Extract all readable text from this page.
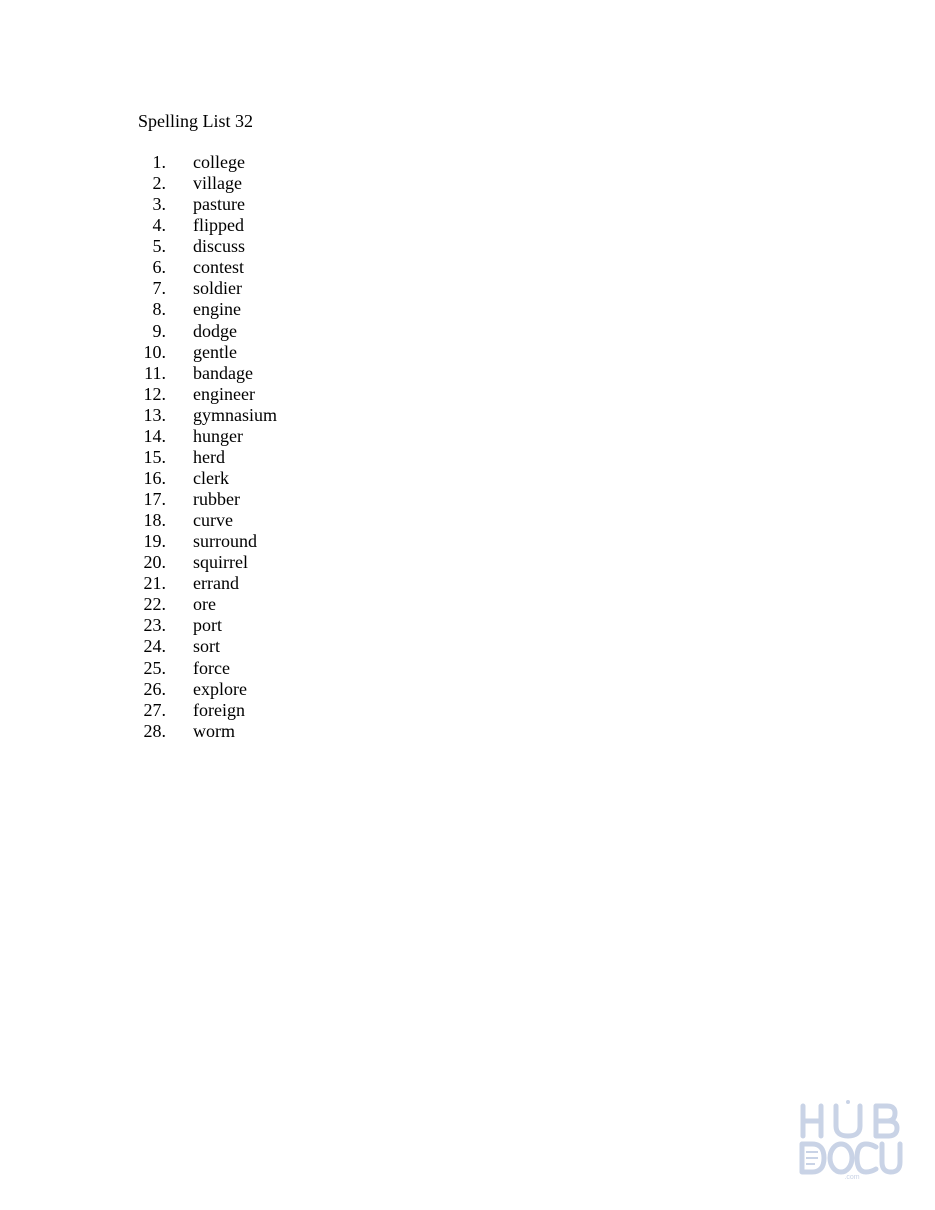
Spelling List 32
1. college
2. village
3. pasture
4. flipped
5. discuss
6. contest
7. soldier
8. engine
9. dodge
10. gentle
11. bandage
12. engineer
13. gymnasium
14. hunger
15. herd
16. clerk
17. rubber
18. curve
19. surround
20. squirrel
21. errand
22. ore
23. port
24. sort
25. force
26. explore
27. foreign
28. worm
.com
